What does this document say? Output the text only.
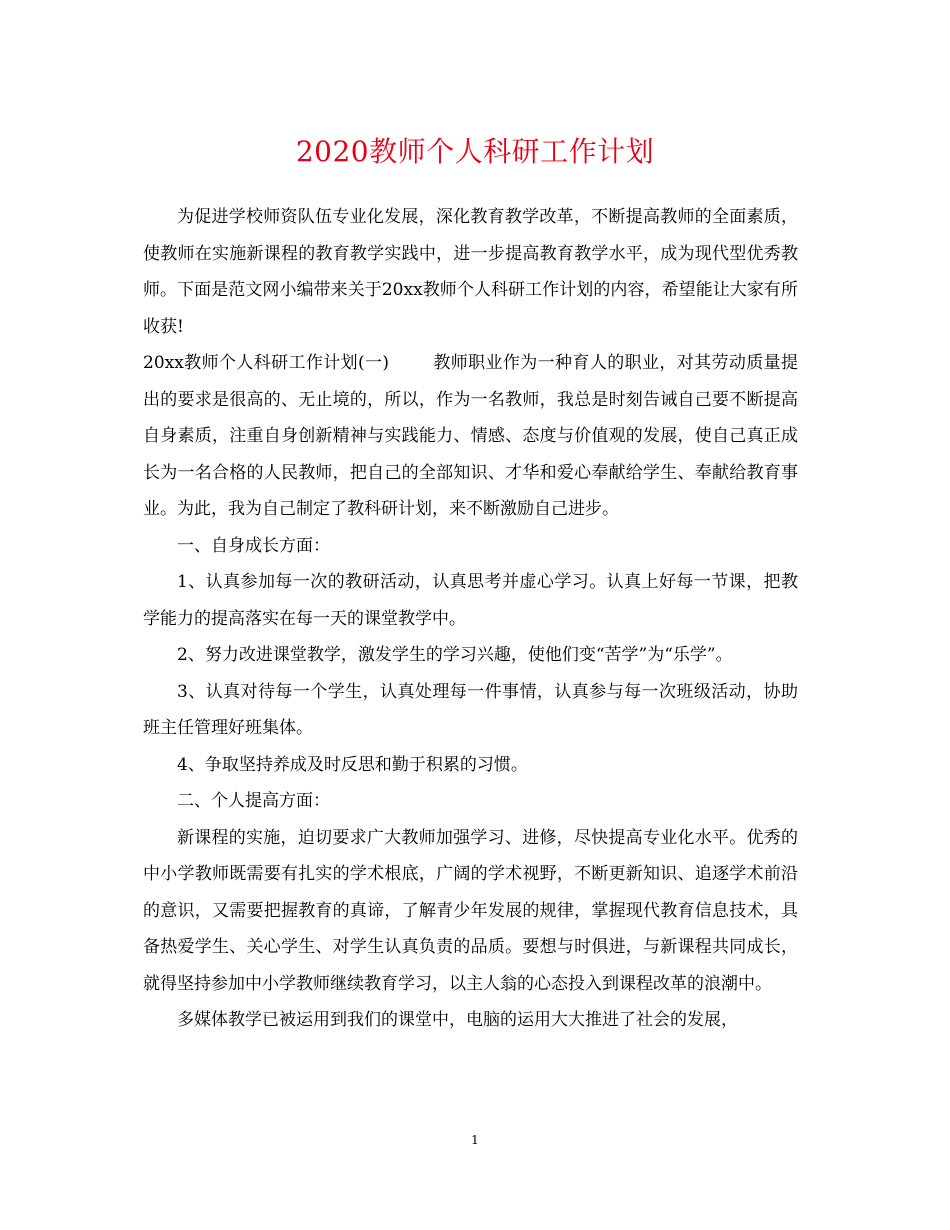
2020教师个人科研工作计划

为促进学校师资队伍专业化发展，深化教育教学改革，不断提高教师的全面素质，使教师在实施新课程的教育教学实践中，进一步提高教育教学水平，成为现代型优秀教师。下面是范文网小编带来关于20xx教师个人科研工作计划的内容，希望能让大家有所收获!

20xx教师个人科研工作计划(一)	教师职业作为一种育人的职业，对其劳动质量提出的要求是很高的、无止境的，所以，作为一名教师，我总是时刻告诫自己要不断提高自身素质，注重自身创新精神与实践能力、情感、态度与价值观的发展，使自己真正成长为一名合格的人民教师，把自己的全部知识、才华和爱心奉献给学生、奉献给教育事业。为此，我为自己制定了教科研计划，来不断激励自己进步。

一、自身成长方面：

1、认真参加每一次的教研活动，认真思考并虚心学习。认真上好每一节课，把教学能力的提高落实在每一天的课堂教学中。

2、努力改进课堂教学，激发学生的学习兴趣，使他们变“苦学”为“乐学”。

3、认真对待每一个学生，认真处理每一件事情，认真参与每一次班级活动，协助班主任管理好班集体。

4、争取坚持养成及时反思和勤于积累的习惯。

二、个人提高方面：

新课程的实施，迫切要求广大教师加强学习、进修，尽快提高专业化水平。优秀的中小学教师既需要有扎实的学术根底，广阔的学术视野，不断更新知识、追逐学术前沿的意识，又需要把握教育的真谛，了解青少年发展的规律，掌握现代教育信息技术，具备热爱学生、关心学生、对学生认真负责的品质。要想与时俱进，与新课程共同成长，就得坚持参加中小学教师继续教育学习，以主人翁的心态投入到课程改革的浪潮中。

多媒体教学已被运用到我们的课堂中，电脑的运用大大推进了社会的发展，

1
